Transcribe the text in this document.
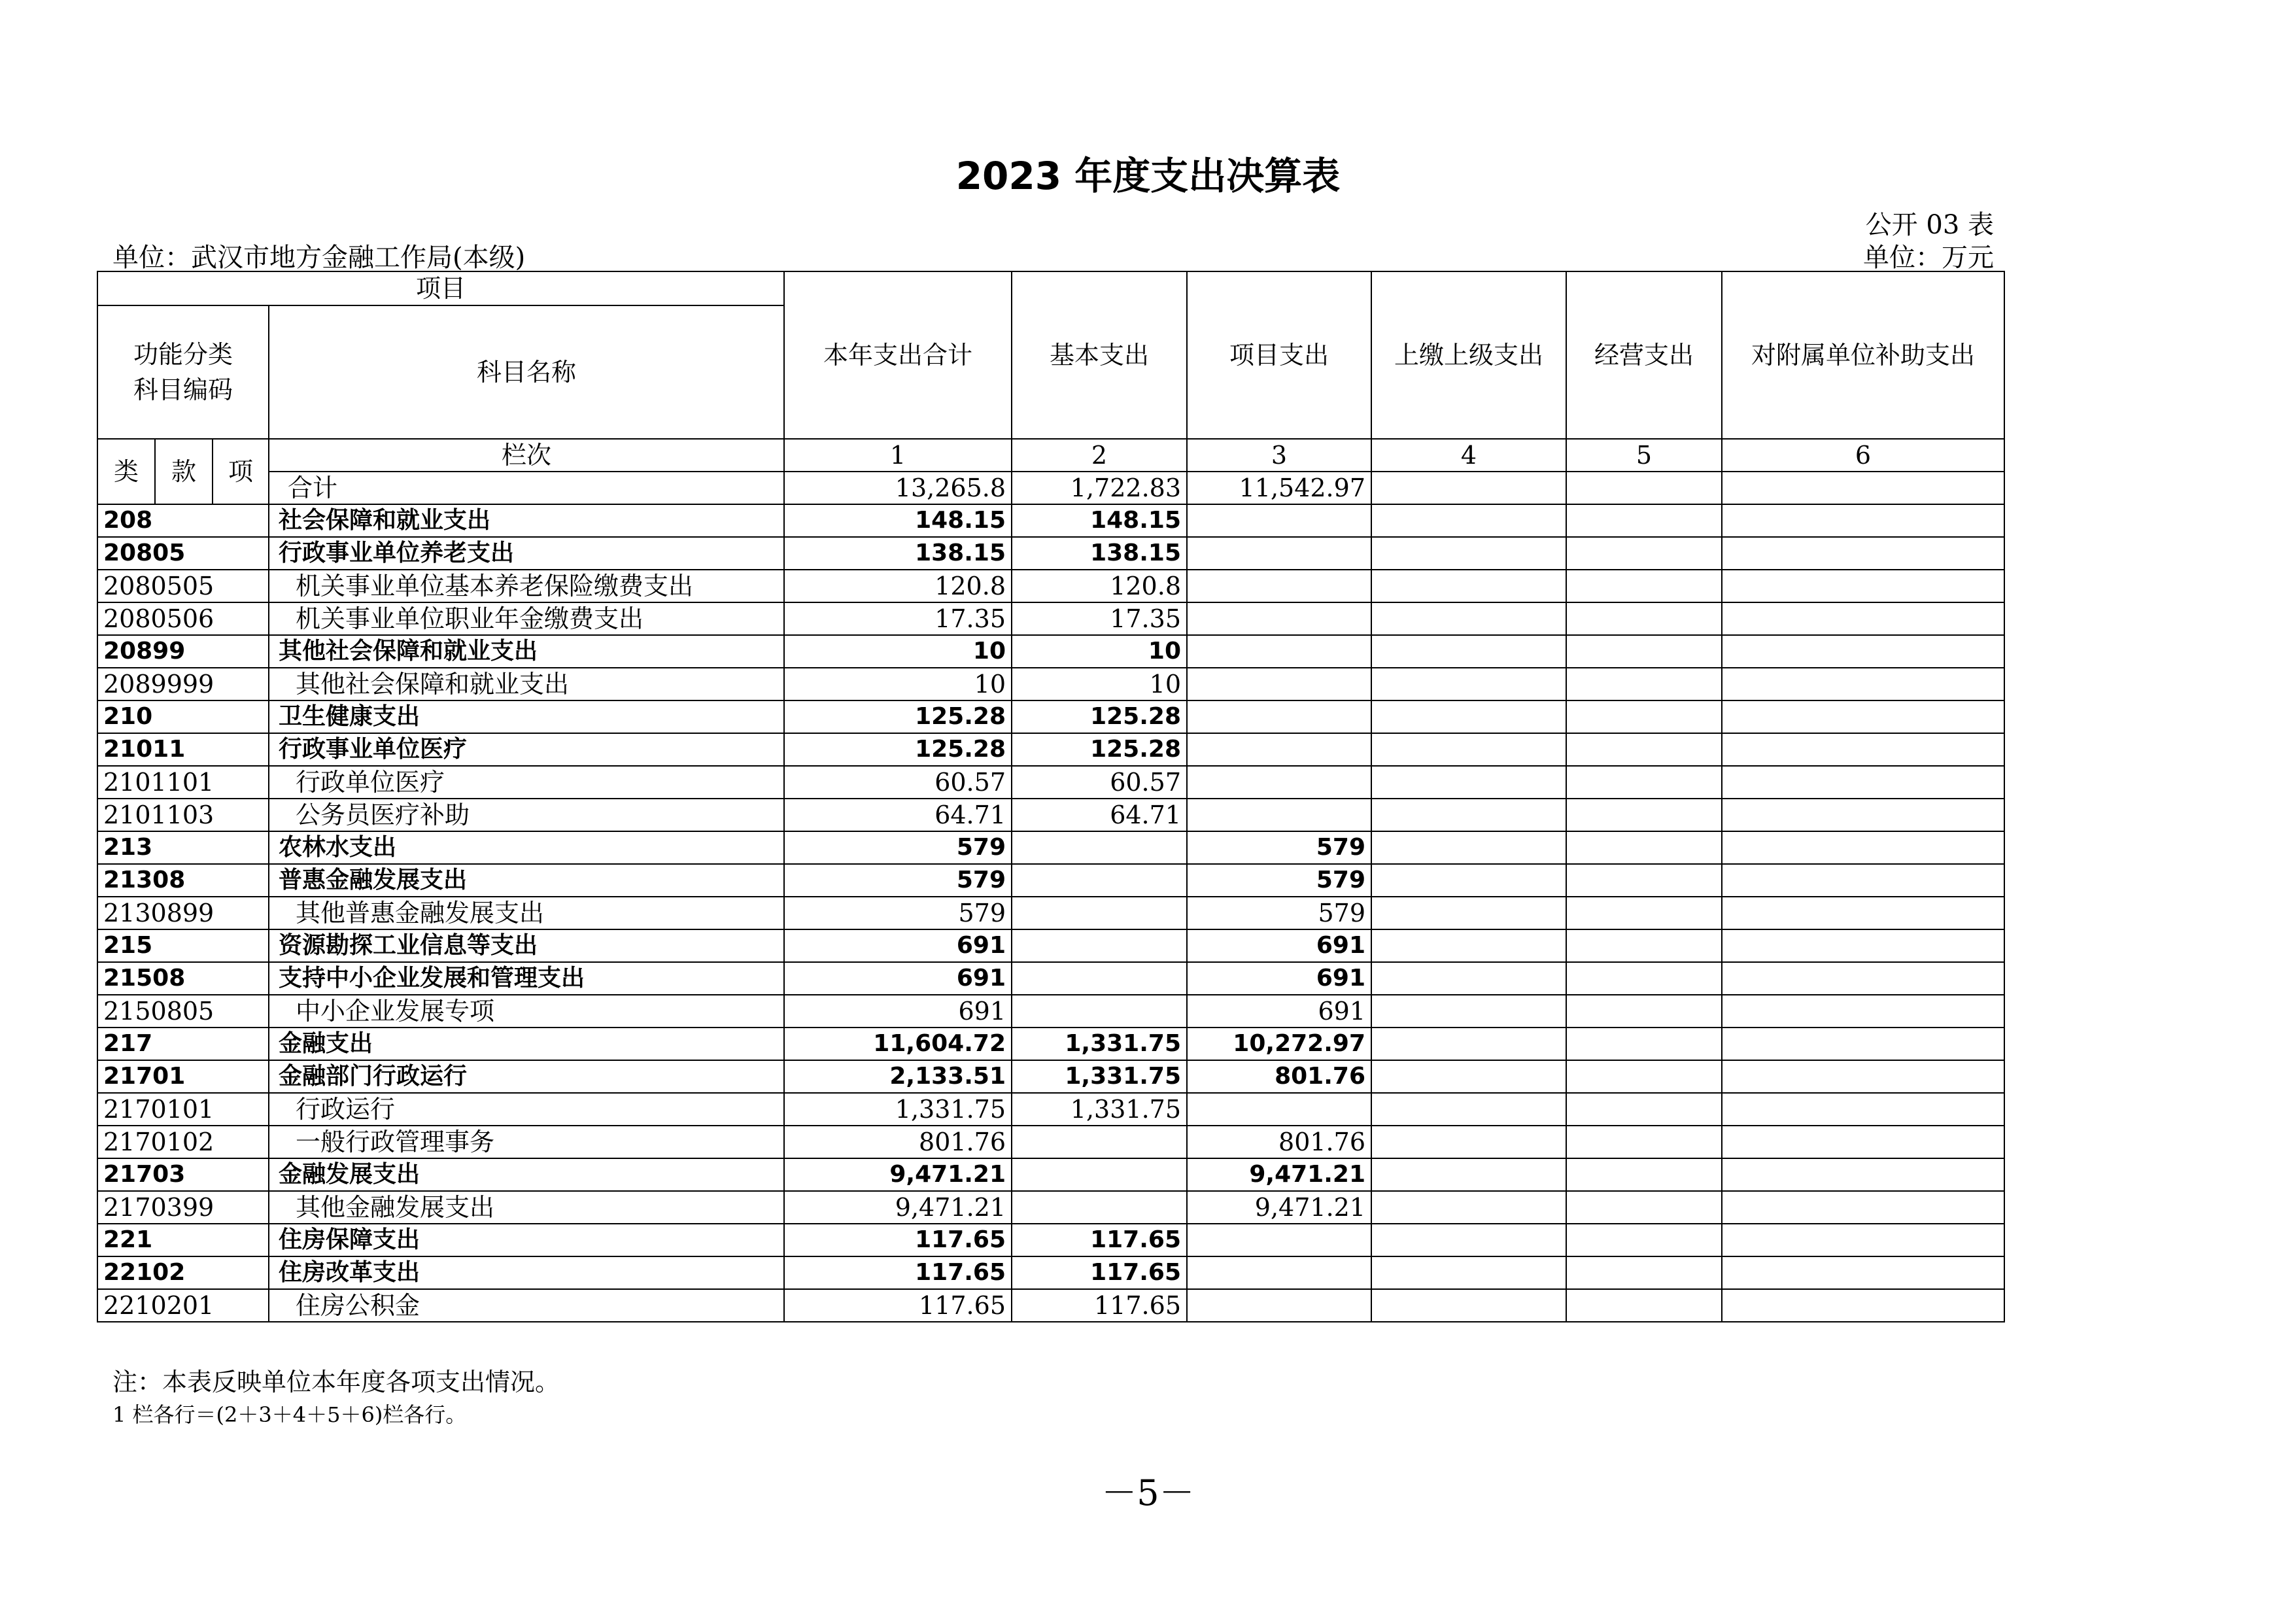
2023 年度支出决算表
公开 03 表
单位：武汉市地方金融工作局(本级)	单位：万元
项目				本年支出合计	基本支出	项目支出	上缴上级支出	经营支出	对附属单位补助支出
功能分类
科目编码			科目名称						
类	款	项	栏次	1	2	3	4	5	6
			合计	13,265.8	1,722.83	11,542.97			
208			社会保障和就业支出	148.15	148.15				
20805			行政事业单位养老支出	138.15	138.15				
2080505			机关事业单位基本养老保险缴费支出	120.8	120.8				
2080506			机关事业单位职业年金缴费支出	17.35	17.35				
20899			其他社会保障和就业支出	10	10				
2089999			其他社会保障和就业支出	10	10				
210			卫生健康支出	125.28	125.28				
21011			行政事业单位医疗	125.28	125.28				
2101101			行政单位医疗	60.57	60.57				
2101103			公务员医疗补助	64.71	64.71				
213			农林水支出	579		579			
21308			普惠金融发展支出	579		579			
2130899			其他普惠金融发展支出	579		579			
215			资源勘探工业信息等支出	691		691			
21508			支持中小企业发展和管理支出	691		691			
2150805			中小企业发展专项	691		691			
217			金融支出	11,604.72	1,331.75	10,272.97			
21701			金融部门行政运行	2,133.51	1,331.75	801.76			
2170101			行政运行	1,331.75	1,331.75				
2170102			一般行政管理事务	801.76		801.76			
21703			金融发展支出	9,471.21		9,471.21			
2170399			其他金融发展支出	9,471.21		9,471.21			
221			住房保障支出	117.65	117.65				
22102			住房改革支出	117.65	117.65				
2210201			住房公积金	117.65	117.65				
注：本表反映单位本年度各项支出情况。
1 栏各行＝(2＋3＋4＋5＋6)栏各行。
－5－
